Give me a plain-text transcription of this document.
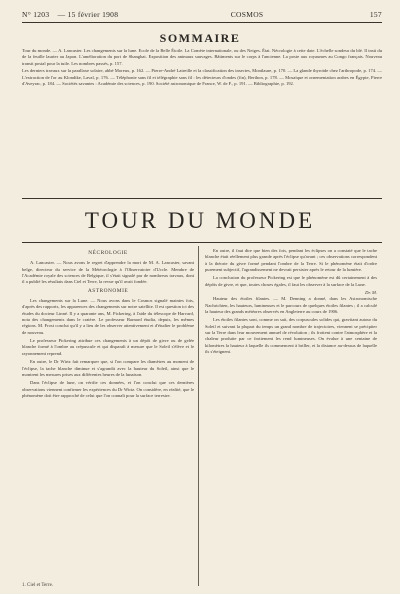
N° 1203 — 15 février 1908	COSMOS	157
SOMMAIRE

Tour du monde. — A. Lancaster. Les changements sur la lune. Ecole de la Belle Étoile. La Comète internationale, ou des Neiges. État. Nécrologie à cette date. L'échelle sondeur du blé. Il insti du de la feuille laurier au Japon. L'amélioration du port de Shanghai. Exposition des animaux sauvages. Bâtiments sur le corps à l'ancienne. La poste aux royaumes au Congo français. Nouveau transit postal pour la tuile. Les nombres passés, p. 157.

Les derniers travaux sur la parallaxe solaire, abbé Moreux, p. 162. — Pierre-André Latreille et la classification des insectes, Montlaure, p. 170. — La glande thyroïde chez l'arthropode, p. 174. — L'extraction de l'or au Klondike, Laval, p. 176. — Téléphonie sans fil et télégraphie sans fil : les détecteurs d'ondes (fin), Berthon, p. 178. — Mosaïque et ornementation arabes en Égypte, Pierre d'Aveyrac, p. 184. — Sociétés savantes : Académie des sciences, p. 190. Société astronomique de France, W. de F., p. 191. — Bibliographie, p. 192.

TOUR DU MONDE
NÉCROLOGIE

A. Lancaster. — Nous avons le regret d'apprendre la mort de M. A. Lancaster, savant belge, directeur du service de la Météorologie à l'Observatoire d'Uccle. Membre de l'Académie royale des sciences de Belgique, il s'était signalé par de nombreux travaux, dont il a publié les résultats dans Ciel et Terre, la revue qu'il avait fondée.

ASTRONOMIE

Les changements sur la Lune. — Nous avons dans le Cosmos signalé maintes fois, d'après des rapports, les apparences des changements sur notre satellite. Il est question ici des études du docteur Linné. Il y a quarante ans, M. Pickering, à l'aide du télescope de Harvard, nota des changements dans le cratère. Le professeur Barnard étudia, depuis, les mêmes régions. M. Frost conclut qu'il y a lieu de les observer attentivement et d'étudier le problème de nouveau.

Le professeur Pickering attribue ces changements à un dépôt de givre ou de gelée blanche formé à l'ombre au crépuscule et qui disparaît à mesure que le Soleil s'élève et le rayonnement reprend.

En outre, le Dr Wirtz fait remarquer que, si l'on compare les diamètres au moment de l'éclipse, la tache blanche diminue et s'agrandit avec la hauteur du Soleil, ainsi que le montrent les mesures prises aux différentes heures de la lunaison.

Dans l'éclipse de lune, on vérifie ces données, et l'on conclut que ces dernières observations viennent confirmer les expériences du Dr Wirtz. On considère, en réalité, que le phénomène doit être rapproché de celui que l'on connaît pour la surface terrestre.

En outre, il faut dire que bien des fois, pendant les éclipses on a constaté que le tache blanche était réellement plus grande après l'éclipse qu'avant ; ces observations correspondent à la théorie du givre formé pendant l'ombre de la Terre. Si le phénomène était d'ordre purement subjectif, l'agrandissement ne devrait persister après le retour de la lumière.

La conclusion du professeur Pickering est que le phénomène est dû certainement à des dépôts de givre, et que, toutes choses égales, il faut les observer à la surface de la Lune.

Dr. M.

Hauteur des étoiles filantes. — M. Denning a donné, dans les Astronomische Nachrichten, les hauteurs, lumineuses et le parcours de quelques étoiles filantes ; il a calculé la hauteur des grands météores observés en Angleterre au cours de 1906.

Les étoiles filantes sont, comme on sait, des corpuscules solides qui, gravitant autour du Soleil et suivant la plupart du temps un grand nombre de trajectoires, viennent se précipiter sur la Terre dans leur mouvement annuel de révolution ; ils frottent contre l'atmosphère et la chaleur produite par ce frottement les rend lumineuses. On évalue à une centaine de kilomètres la hauteur à laquelle ils commencent à briller, et la distance au-dessus de laquelle ils s'éteignent.

1. Ciel et Terre.
